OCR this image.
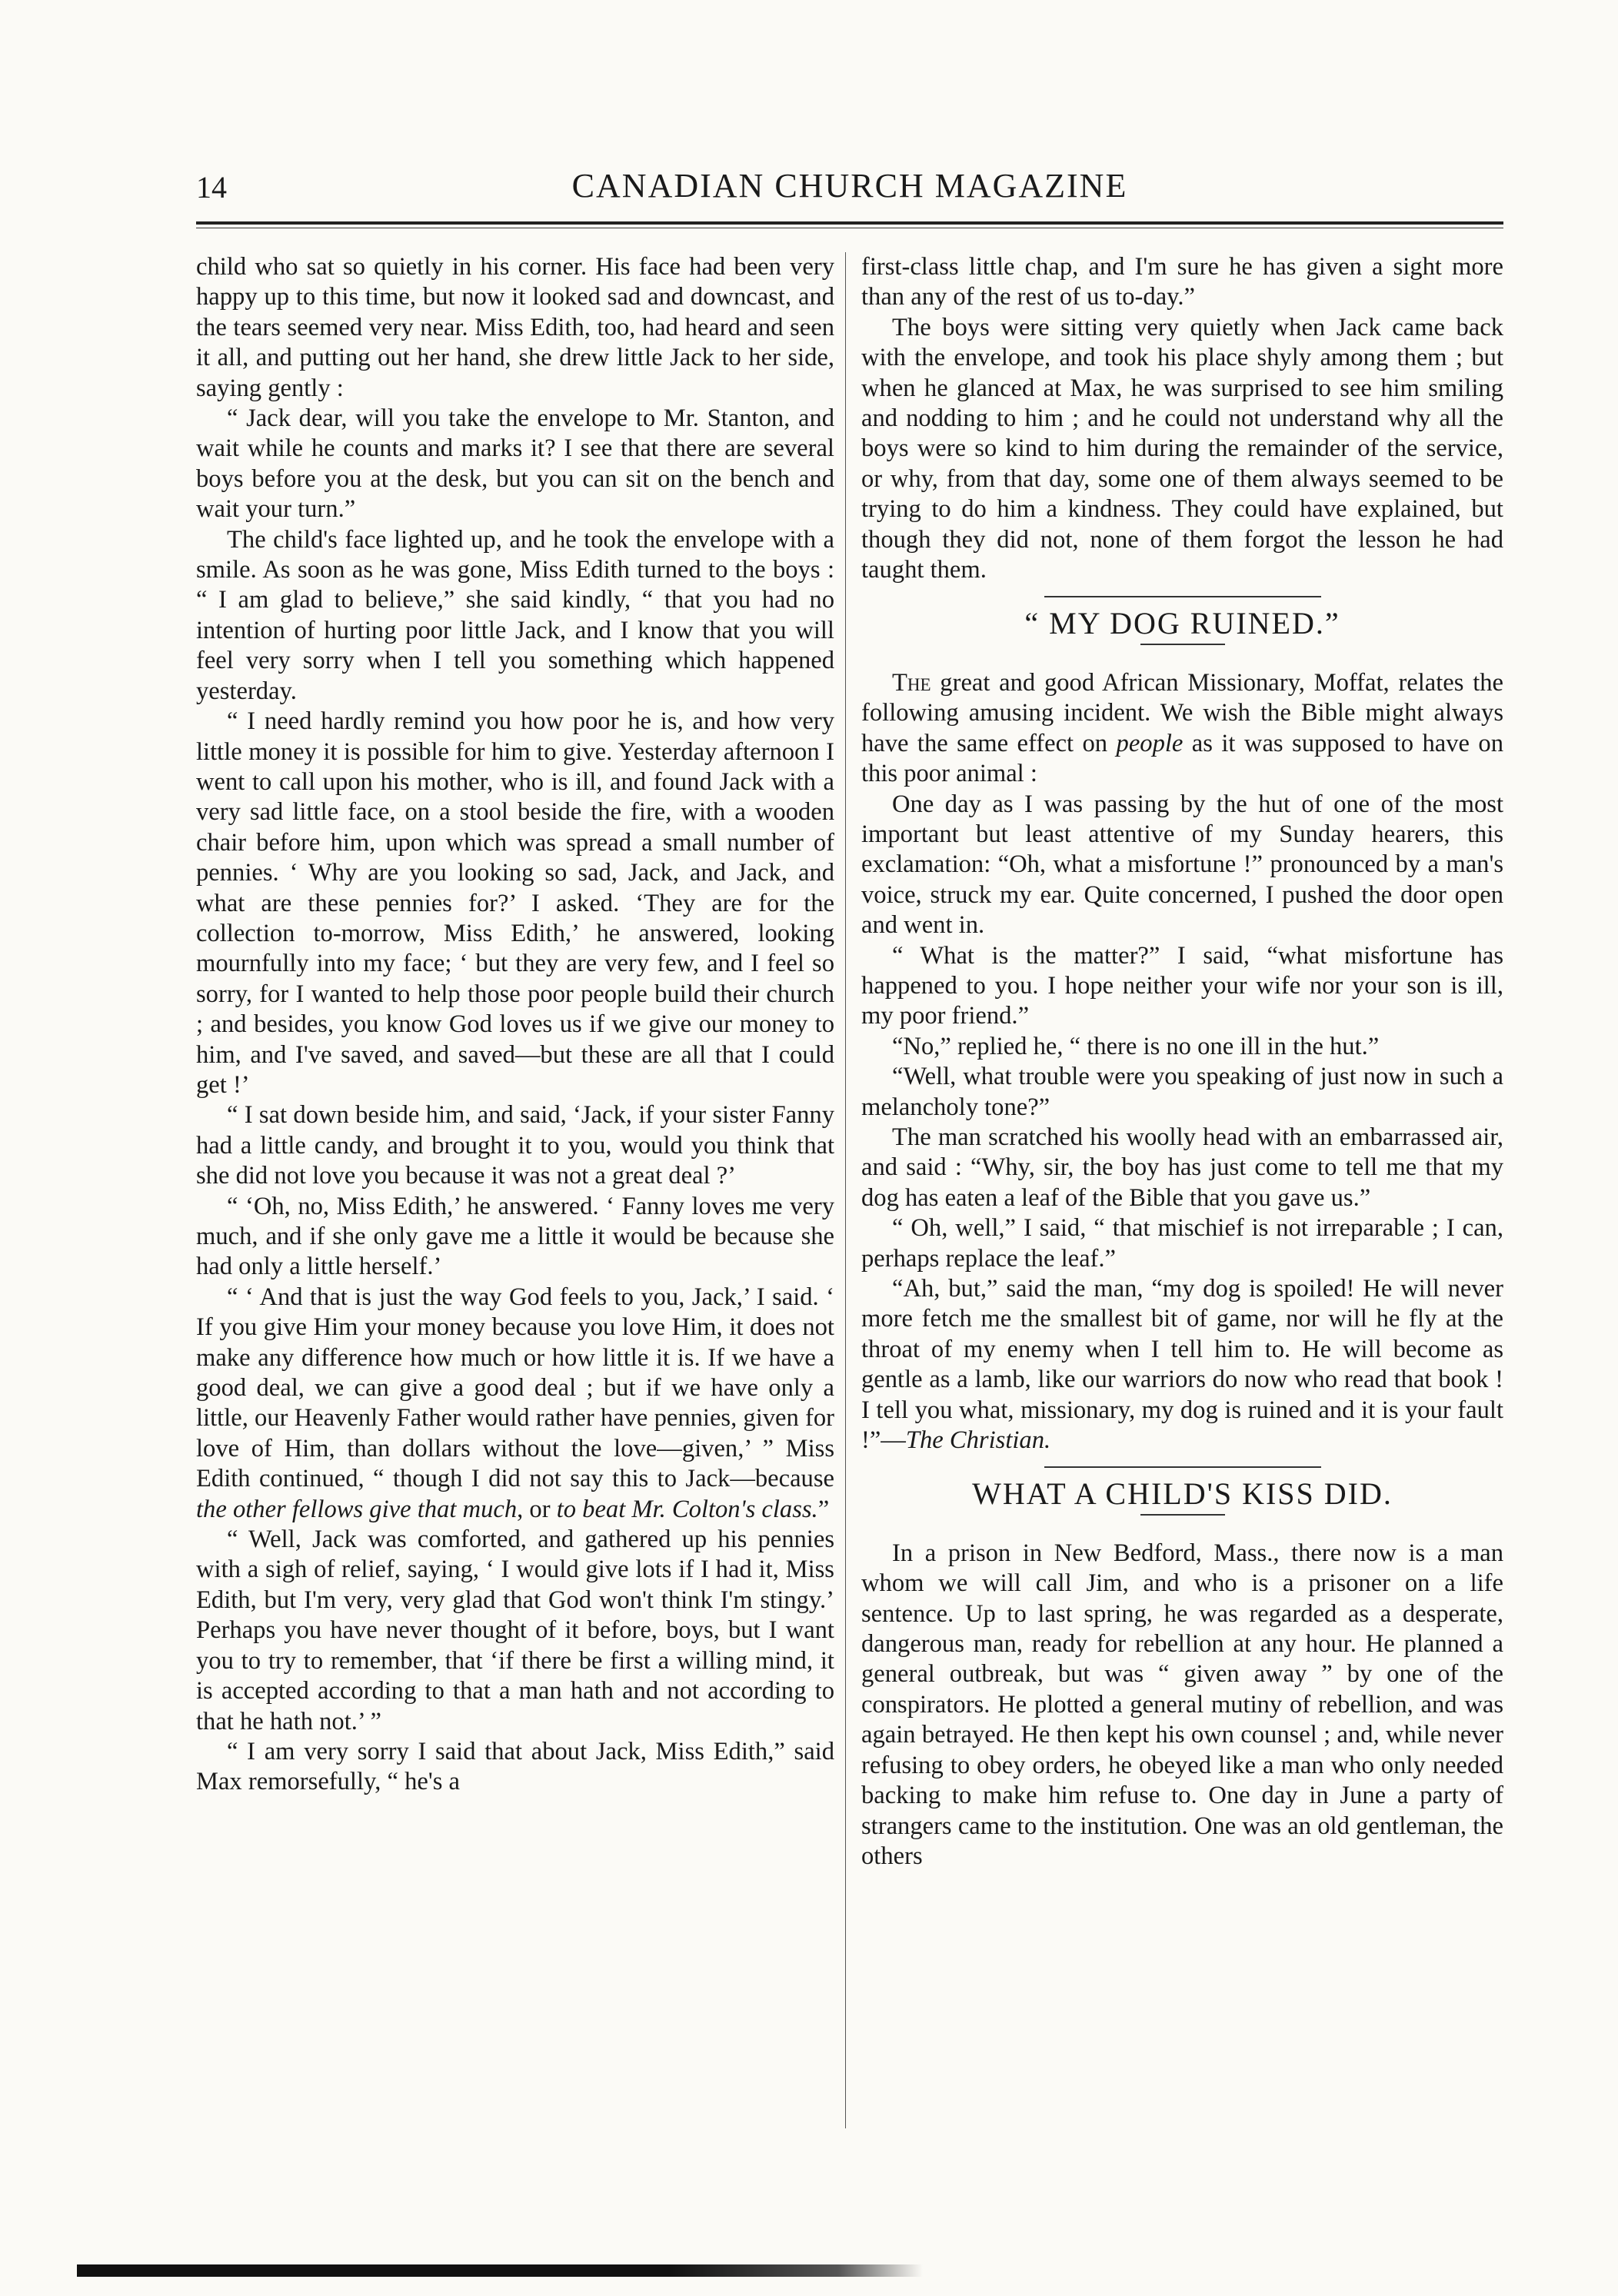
14	CANADIAN CHURCH MAGAZINE

child who sat so quietly in his corner. His face had been very happy up to this time, but now it looked sad and downcast, and the tears seemed very near. Miss Edith, too, had heard and seen it all, and putting out her hand, she drew little Jack to her side, saying gently :

“ Jack dear, will you take the envelope to Mr. Stanton, and wait while he counts and marks it? I see that there are several boys before you at the desk, but you can sit on the bench and wait your turn.”

The child's face lighted up, and he took the envelope with a smile. As soon as he was gone, Miss Edith turned to the boys : “ I am glad to believe,” she said kindly, “ that you had no intention of hurting poor little Jack, and I know that you will feel very sorry when I tell you something which happened yesterday.

“ I need hardly remind you how poor he is, and how very little money it is possible for him to give. Yesterday afternoon I went to call upon his mother, who is ill, and found Jack with a very sad little face, on a stool beside the fire, with a wooden chair before him, upon which was spread a small number of pennies. ‘ Why are you looking so sad, Jack, and Jack, and what are these pennies for?’ I asked. ‘They are for the collection to-morrow, Miss Edith,’ he answered, looking mournfully into my face; ‘ but they are very few, and I feel so sorry, for I wanted to help those poor people build their church ; and besides, you know God loves us if we give our money to him, and I've saved, and saved—but these are all that I could get !’

“ I sat down beside him, and said, ‘Jack, if your sister Fanny had a little candy, and brought it to you, would you think that she did not love you because it was not a great deal ?’

“ ‘Oh, no, Miss Edith,’ he answered. ‘ Fanny loves me very much, and if she only gave me a little it would be because she had only a little herself.’

“ ‘ And that is just the way God feels to you, Jack,’ I said. ‘ If you give Him your money because you love Him, it does not make any difference how much or how little it is. If we have a good deal, we can give a good deal ; but if we have only a little, our Heavenly Father would rather have pennies, given for love of Him, than dollars without the love—given,’ ” Miss Edith continued, “ though I did not say this to Jack—because the other fellows give that much, or to beat Mr. Colton's class.”

“ Well, Jack was comforted, and gathered up his pennies with a sigh of relief, saying, ‘ I would give lots if I had it, Miss Edith, but I'm very, very glad that God won't think I'm stingy.’ Perhaps you have never thought of it before, boys, but I want you to try to remember, that ‘if there be first a willing mind, it is accepted according to that a man hath and not according to that he hath not.’ ”

“ I am very sorry I said that about Jack, Miss Edith,” said Max remorsefully, “ he's a

first-class little chap, and I'm sure he has given a sight more than any of the rest of us to-day.”

The boys were sitting very quietly when Jack came back with the envelope, and took his place shyly among them ; but when he glanced at Max, he was surprised to see him smiling and nodding to him ; and he could not understand why all the boys were so kind to him during the remainder of the service, or why, from that day, some one of them always seemed to be trying to do him a kindness. They could have explained, but though they did not, none of them forgot the lesson he had taught them.

“ MY DOG RUINED.”

The great and good African Missionary, Moffat, relates the following amusing incident. We wish the Bible might always have the same effect on people as it was supposed to have on this poor animal :

One day as I was passing by the hut of one of the most important but least attentive of my Sunday hearers, this exclamation: “Oh, what a misfortune !” pronounced by a man's voice, struck my ear. Quite concerned, I pushed the door open and went in.

“ What is the matter?” I said, “what misfortune has happened to you. I hope neither your wife nor your son is ill, my poor friend.”

“No,” replied he, “ there is no one ill in the hut.”

“Well, what trouble were you speaking of just now in such a melancholy tone?”

The man scratched his woolly head with an embarrassed air, and said : “Why, sir, the boy has just come to tell me that my dog has eaten a leaf of the Bible that you gave us.”

“ Oh, well,” I said, “ that mischief is not irreparable ; I can, perhaps replace the leaf.”

“Ah, but,” said the man, “my dog is spoiled! He will never more fetch me the smallest bit of game, nor will he fly at the throat of my enemy when I tell him to. He will become as gentle as a lamb, like our warriors do now who read that book ! I tell you what, missionary, my dog is ruined and it is your fault !”—The Christian.

WHAT A CHILD'S KISS DID.

In a prison in New Bedford, Mass., there now is a man whom we will call Jim, and who is a prisoner on a life sentence. Up to last spring, he was regarded as a desperate, dangerous man, ready for rebellion at any hour. He planned a general outbreak, but was “ given away ” by one of the conspirators. He plotted a general mutiny of rebellion, and was again betrayed. He then kept his own counsel ; and, while never refusing to obey orders, he obeyed like a man who only needed backing to make him refuse to. One day in June a party of strangers came to the institution. One was an old gentleman, the others
